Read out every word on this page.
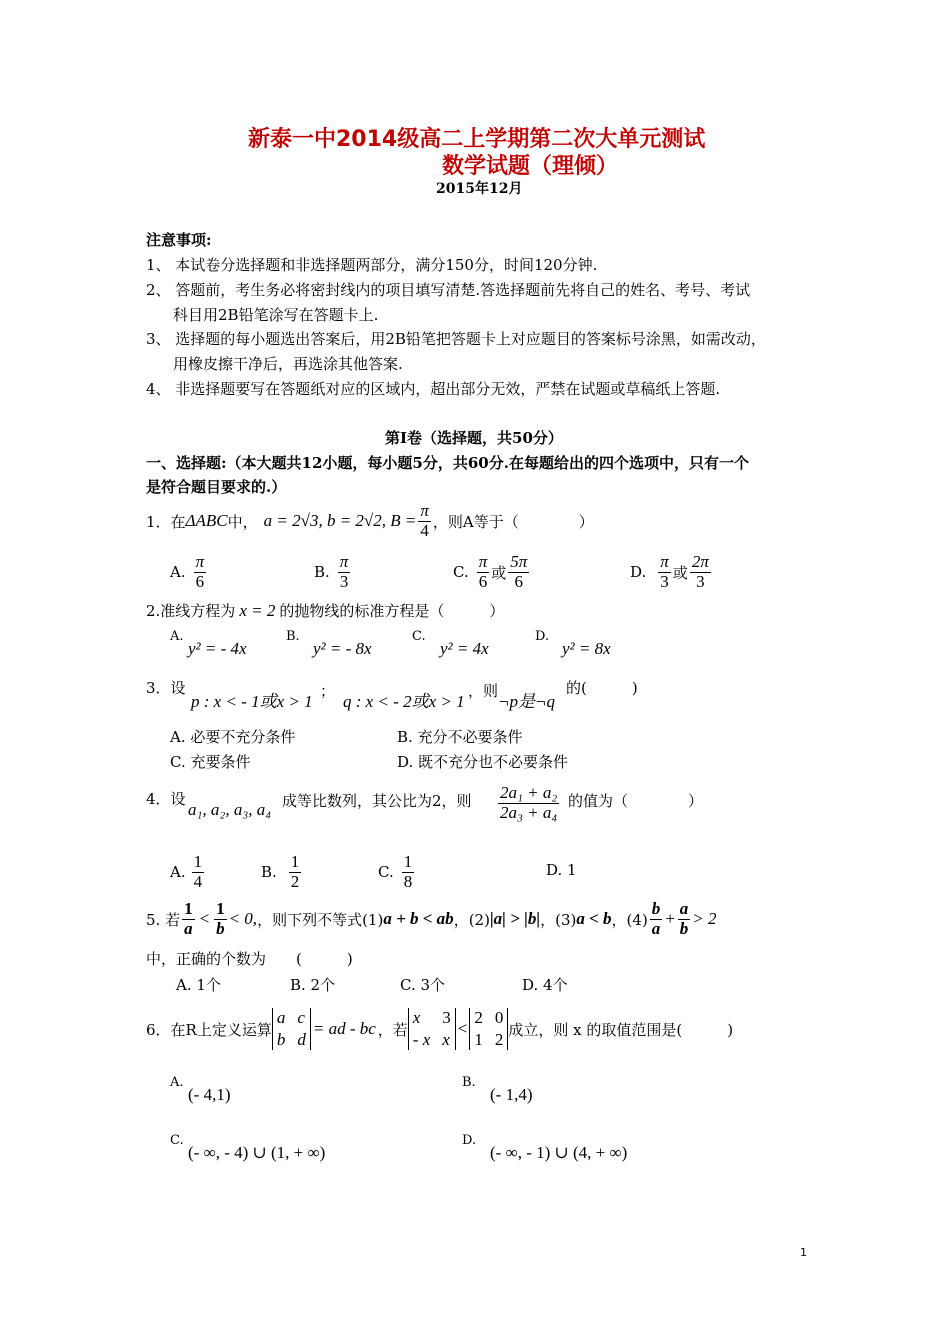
新泰一中2014级高二上学期第二次大单元测试
数学试题（理倾）
2015年12月
注意事项:
1、 本试卷分选择题和非选择题两部分，满分150分，时间120分钟.
2、 答题前，考生务必将密封线内的项目填写清楚.答选择题前先将自己的姓名、考号、考试
科目用2B铅笔涂写在答题卡上.
3、 选择题的每小题选出答案后，用2B铅笔把答题卡上对应题目的答案标号涂黑，如需改动，
用橡皮擦干净后，再选涂其他答案.
4、 非选择题要写在答题纸对应的区域内，超出部分无效，严禁在试题或草稿纸上答题.
第Ⅰ卷（选择题，共50分）
一、选择题:（本大题共12小题，每小题5分，共60分.在每题给出的四个选项中，只有一个
是符合题目要求的.）
1．在 ΔABC 中， a = 2√3, b = 2√2, $B = \frac{\pi}{4}$ ，则A等于（　　　　）
A. $\frac{\pi}{6}$	B. $\frac{\pi}{3}$	C. $\frac{\pi}{6}$ 或 $\frac{5\pi}{6}$	D. $\frac{\pi}{3}$ 或 $\frac{2\pi}{3}$
2.准线方程为 x = 2 的抛物线的标准方程是（　　　）
A.
y² = - 4x
B.
y² = - 8x
C.
y² = 4x
D.
y² = 8x
3．设
p : x < - 1或x > 1
；
q : x < - 2或x > 1
，则
¬p是¬q
的(　　　)
A. 必要不充分条件	B. 充分不必要条件
C. 充要条件	D. 既不充分也不必要条件
4．设
a₁, a₂, a₃, a₄ 成等比数列，其公比为2，则 $\frac{\text{2a₁ + a₂}}{\text{2a₃ + a₄}}$ 的值为（　　　　）
A. $\frac{1}{4}$	B. $\frac{1}{2}$	C. $\frac{1}{8}$	D. 1
5. 若 $\frac{1}{a} < \frac{1}{b} < 0$, ，则下列不等式(1) a + b < ab ，(2) |a| > |b| ，(3) a < b ，$(4) \frac{b}{a} + \frac{a}{b} > 2$
中，正确的个数为　　(　　　)
A. 1个	B. 2个	C. 3个	D. 4个
6．在R上定义运算
a c
b d
= ad - bc ，若
x	3
- x x
<
2 0
1 2
成立，则 x 的取值范围是(　　　)
A.
(- 4,1)
B.
(- 1,4)
C.
(- ∞, - 4) ∪ (1, + ∞)
D.
(- ∞, - 1) ∪ (4, + ∞)
1
